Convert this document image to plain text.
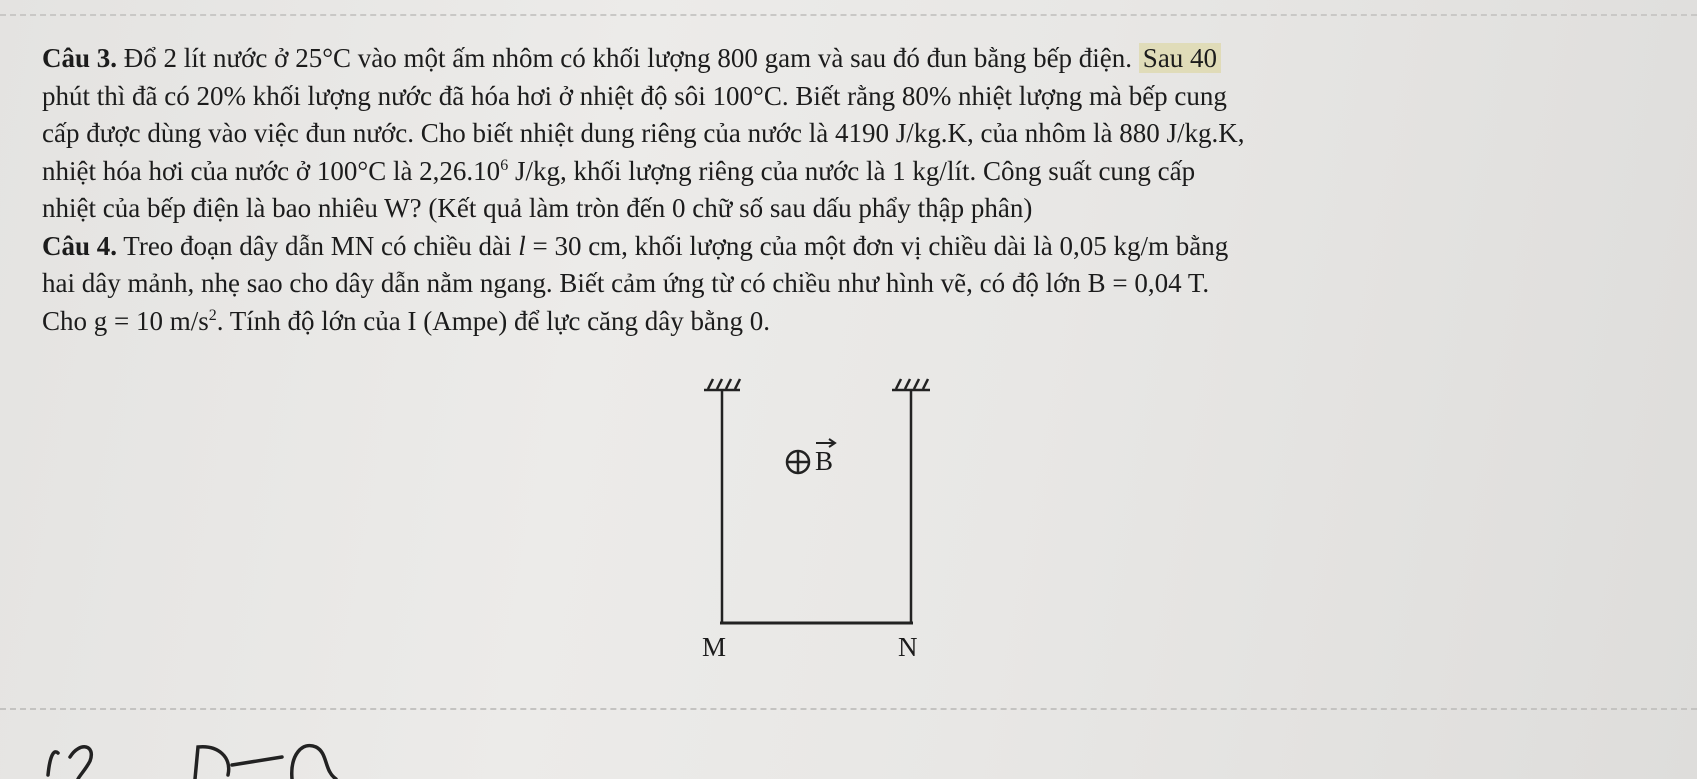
Câu 3. Đổ 2 lít nước ở 25°C vào một ấm nhôm có khối lượng 800 gam và sau đó đun bằng bếp điện. Sau 40
phút thì đã có 20% khối lượng nước đã hóa hơi ở nhiệt độ sôi 100°C. Biết rằng 80% nhiệt lượng mà bếp cung
cấp được dùng vào việc đun nước. Cho biết nhiệt dung riêng của nước là 4190 J/kg.K, của nhôm là 880 J/kg.K,
nhiệt hóa hơi của nước ở 100°C là 2,26.10$^6$ J/kg, khối lượng riêng của nước là 1 kg/lít. Công suất cung cấp
nhiệt của bếp điện là bao nhiêu W? (Kết quả làm tròn đến 0 chữ số sau dấu phẩy thập phân)
Câu 4. Treo đoạn dây dẫn MN có chiều dài l = 30 cm, khối lượng của một đơn vị chiều dài là 0,05 kg/m bằng
hai dây mảnh, nhẹ sao cho dây dẫn nằm ngang. Biết cảm ứng từ có chiều như hình vẽ, có độ lớn B = 0,04 T.
Cho g = 10 $m/s^2$. Tính độ lớn của I (Ampe) để lực căng dây bằng 0.
B
M	N
